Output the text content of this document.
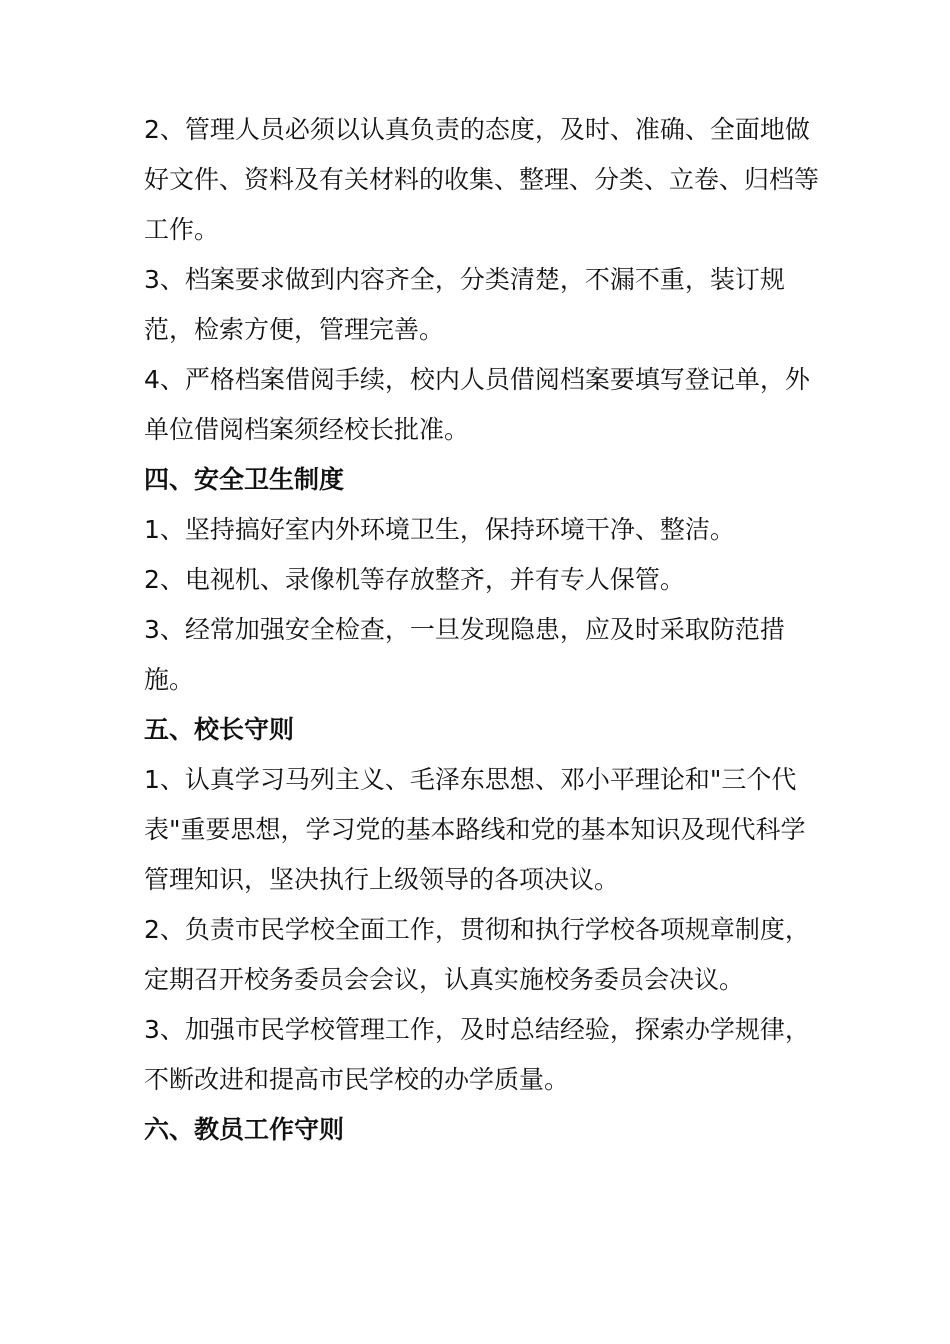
2、管理人员必须以认真负责的态度，及时、准确、全面地做好文件、资料及有关材料的收集、整理、分类、立卷、归档等工作。

3、档案要求做到内容齐全，分类清楚，不漏不重，装订规范，检索方便，管理完善。

4、严格档案借阅手续，校内人员借阅档案要填写登记单，外单位借阅档案须经校长批准。

四、安全卫生制度

1、坚持搞好室内外环境卫生，保持环境干净、整洁。

2、电视机、录像机等存放整齐，并有专人保管。

3、经常加强安全检查，一旦发现隐患，应及时采取防范措施。

五、校长守则

1、认真学习马列主义、毛泽东思想、邓小平理论和"三个代表"重要思想，学习党的基本路线和党的基本知识及现代科学管理知识，坚决执行上级领导的各项决议。

2、负责市民学校全面工作，贯彻和执行学校各项规章制度，定期召开校务委员会会议，认真实施校务委员会决议。

3、加强市民学校管理工作，及时总结经验，探索办学规律，不断改进和提高市民学校的办学质量。

六、教员工作守则
